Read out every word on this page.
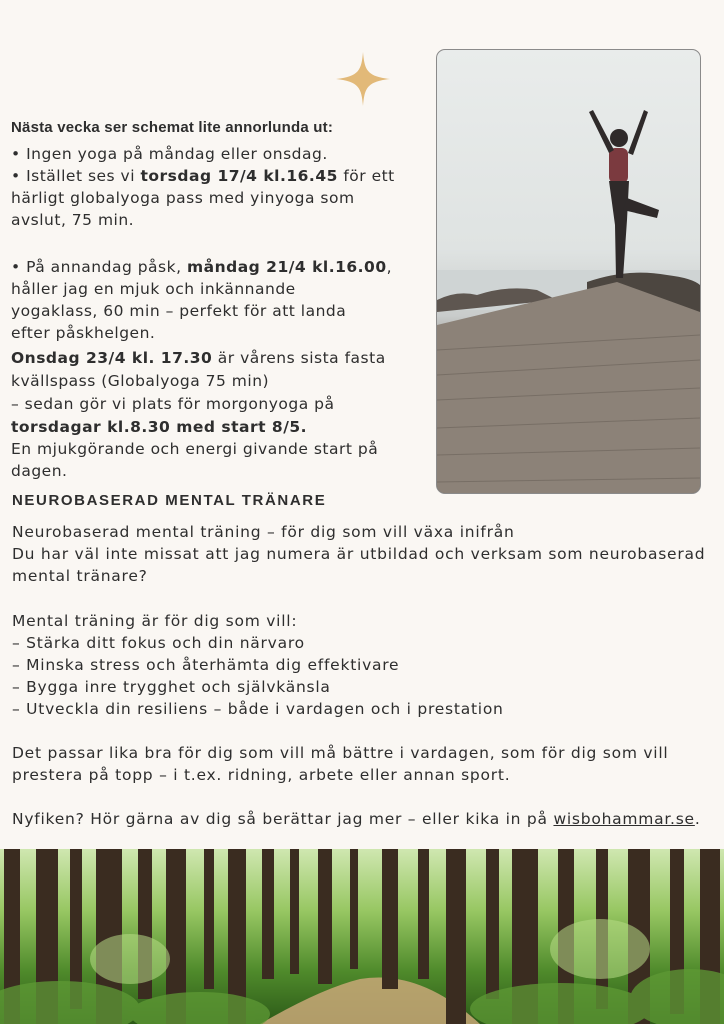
Nästa vecka ser schemat lite annorlunda ut:
• Ingen yoga på måndag eller onsdag.
• Istället ses vi torsdag 17/4 kl.16.45 för ett
härligt globalyoga pass med yinyoga som
avslut, 75 min.
• På annandag påsk, måndag 21/4 kl.16.00,
håller jag en mjuk och inkännande
yogaklass, 60 min – perfekt för att landa
efter påskhelgen.
Onsdag 23/4 kl. 17.30 är vårens sista fasta
kvällspass (Globalyoga 75 min)
– sedan gör vi plats för morgonyoga på
torsdagar kl.8.30 med start 8/5.
En mjukgörande och energi givande start på
dagen.
NEUROBASERAD MENTAL TRÄNARE
Neurobaserad mental träning – för dig som vill växa inifrån
Du har väl inte missat att jag numera är utbildad och verksam som neurobaserad
mental tränare?
Mental träning är för dig som vill:
– Stärka ditt fokus och din närvaro
– Minska stress och återhämta dig effektivare
– Bygga inre trygghet och självkänsla
– Utveckla din resiliens – både i vardagen och i prestation
Det passar lika bra för dig som vill må bättre i vardagen, som för dig som vill
prestera på topp – i t.ex. ridning, arbete eller annan sport.
Nyfiken? Hör gärna av dig så berättar jag mer – eller kika in på wisbohammar.se.
